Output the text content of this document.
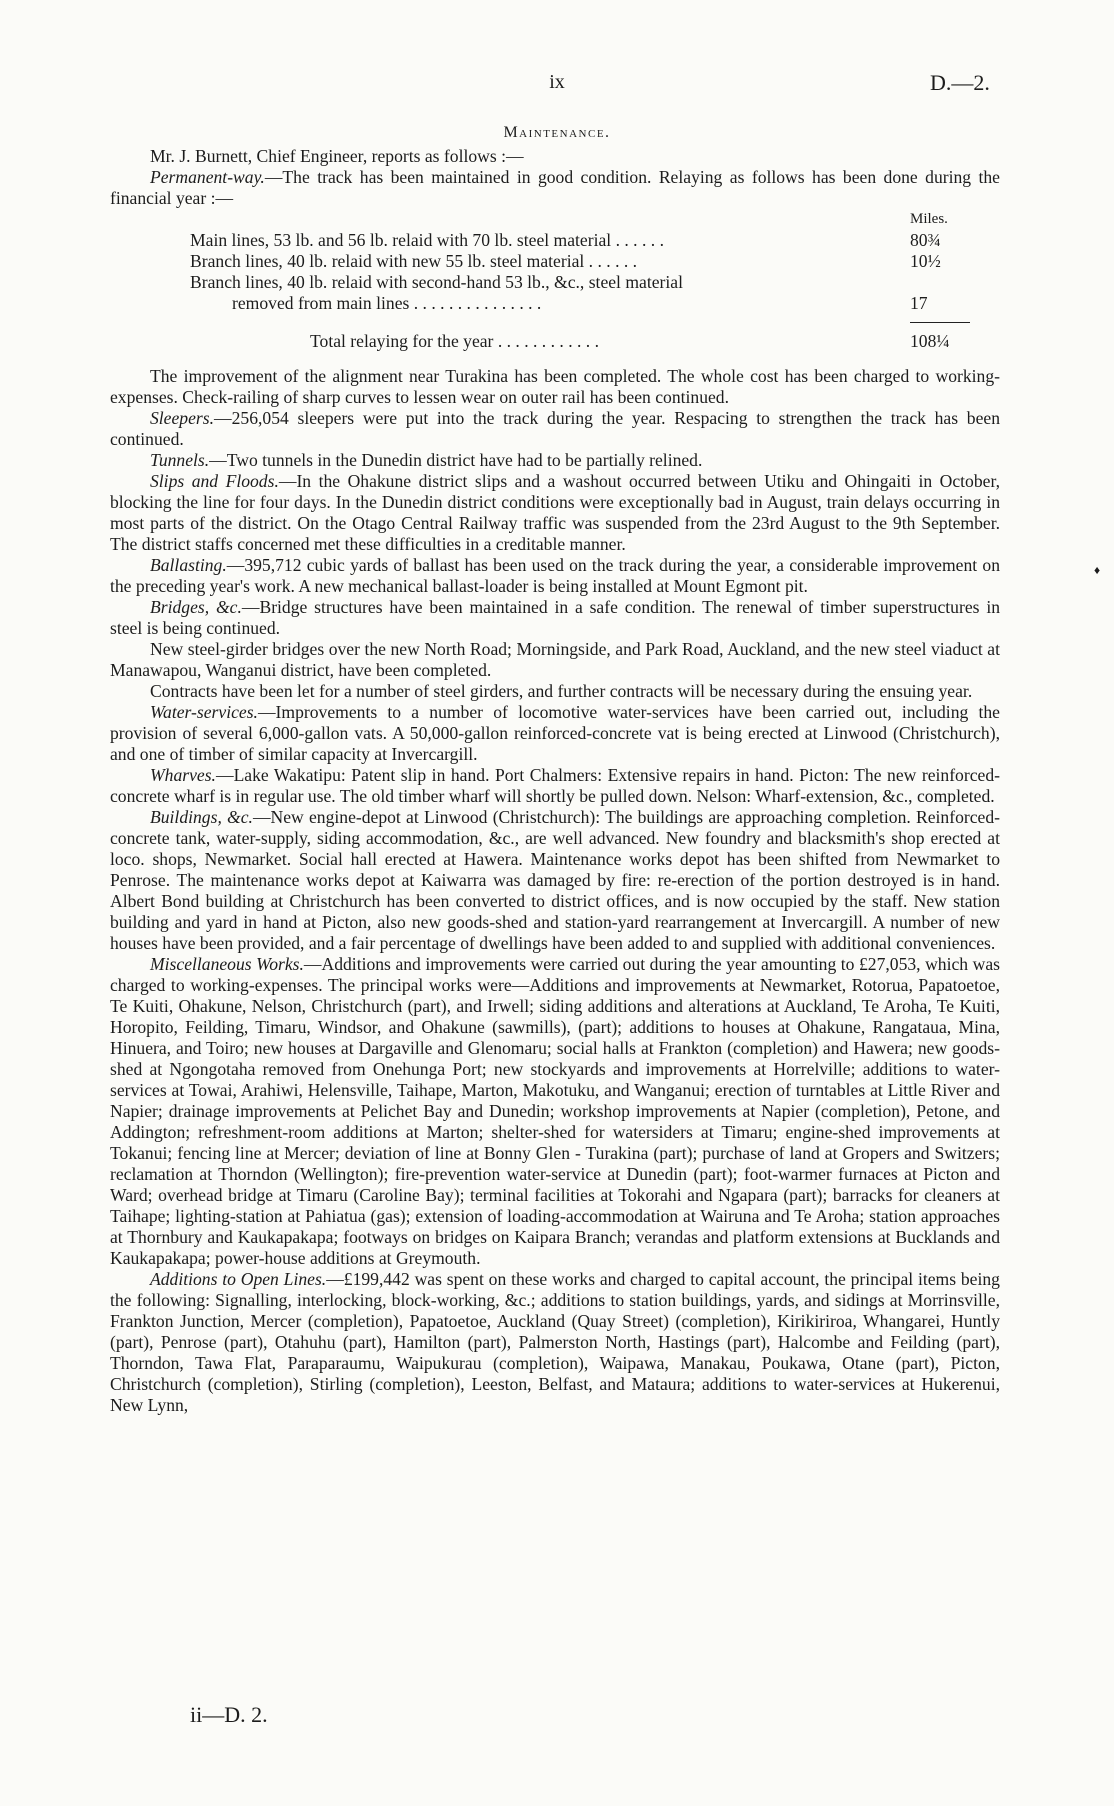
ix	D.—2.
Maintenance.

Mr. J. Burnett, Chief Engineer, reports as follows :—

Permanent-way.—The track has been maintained in good condition. Relaying as follows has been done during the financial year :—

Miles.
Main lines, 53 lb. and 56 lb. relaid with 70 lb. steel material . . . . . .	80¾
Branch lines, 40 lb. relaid with new 55 lb. steel material . . . . . .	10½
Branch lines, 40 lb. relaid with second-hand 53 lb., &c., steel material
removed from main lines . . . . . . . . . . . . . . .	17
Total relaying for the year . . . . . . . . . . . .	108¼

The improvement of the alignment near Turakina has been completed. The whole cost has been charged to working-expenses. Check-railing of sharp curves to lessen wear on outer rail has been continued.

Sleepers.—256,054 sleepers were put into the track during the year. Respacing to strengthen the track has been continued.

Tunnels.—Two tunnels in the Dunedin district have had to be partially relined.

Slips and Floods.—In the Ohakune district slips and a washout occurred between Utiku and Ohingaiti in October, blocking the line for four days. In the Dunedin district conditions were exceptionally bad in August, train delays occurring in most parts of the district. On the Otago Central Railway traffic was suspended from the 23rd August to the 9th September. The district staffs concerned met these difficulties in a creditable manner.

Ballasting.—395,712 cubic yards of ballast has been used on the track during the year, a considerable improvement on the preceding year's work. A new mechanical ballast-loader is being installed at Mount Egmont pit.

Bridges, &c.—Bridge structures have been maintained in a safe condition. The renewal of timber superstructures in steel is being continued.

New steel-girder bridges over the new North Road; Morningside, and Park Road, Auckland, and the new steel viaduct at Manawapou, Wanganui district, have been completed.

Contracts have been let for a number of steel girders, and further contracts will be necessary during the ensuing year.

Water-services.—Improvements to a number of locomotive water-services have been carried out, including the provision of several 6,000-gallon vats. A 50,000-gallon reinforced-concrete vat is being erected at Linwood (Christchurch), and one of timber of similar capacity at Invercargill.

Wharves.—Lake Wakatipu: Patent slip in hand. Port Chalmers: Extensive repairs in hand. Picton: The new reinforced-concrete wharf is in regular use. The old timber wharf will shortly be pulled down. Nelson: Wharf-extension, &c., completed.

Buildings, &c.—New engine-depot at Linwood (Christchurch): The buildings are approaching completion. Reinforced-concrete tank, water-supply, siding accommodation, &c., are well advanced. New foundry and blacksmith's shop erected at loco. shops, Newmarket. Social hall erected at Hawera. Maintenance works depot has been shifted from Newmarket to Penrose. The maintenance works depot at Kaiwarra was damaged by fire: re-erection of the portion destroyed is in hand. Albert Bond building at Christchurch has been converted to district offices, and is now occupied by the staff. New station building and yard in hand at Picton, also new goods-shed and station-yard rearrangement at Invercargill. A number of new houses have been provided, and a fair percentage of dwellings have been added to and supplied with additional conveniences.

Miscellaneous Works.—Additions and improvements were carried out during the year amounting to £27,053, which was charged to working-expenses. The principal works were—Additions and improvements at Newmarket, Rotorua, Papatoetoe, Te Kuiti, Ohakune, Nelson, Christchurch (part), and Irwell; siding additions and alterations at Auckland, Te Aroha, Te Kuiti, Horopito, Feilding, Timaru, Windsor, and Ohakune (sawmills), (part); additions to houses at Ohakune, Rangataua, Mina, Hinuera, and Toiro; new houses at Dargaville and Glenomaru; social halls at Frankton (completion) and Hawera; new goods-shed at Ngongotaha removed from Onehunga Port; new stockyards and improvements at Horrelville; additions to water-services at Towai, Arahiwi, Helensville, Taihape, Marton, Makotuku, and Wanganui; erection of turntables at Little River and Napier; drainage improvements at Pelichet Bay and Dunedin; workshop improvements at Napier (completion), Petone, and Addington; refreshment-room additions at Marton; shelter-shed for watersiders at Timaru; engine-shed improvements at Tokanui; fencing line at Mercer; deviation of line at Bonny Glen - Turakina (part); purchase of land at Gropers and Switzers; reclamation at Thorndon (Wellington); fire-prevention water-service at Dunedin (part); foot-warmer furnaces at Picton and Ward; overhead bridge at Timaru (Caroline Bay); terminal facilities at Tokorahi and Ngapara (part); barracks for cleaners at Taihape; lighting-station at Pahiatua (gas); extension of loading-accommodation at Wairuna and Te Aroha; station approaches at Thornbury and Kaukapakapa; footways on bridges on Kaipara Branch; verandas and platform extensions at Bucklands and Kaukapakapa; power-house additions at Greymouth.

Additions to Open Lines.—£199,442 was spent on these works and charged to capital account, the principal items being the following: Signalling, interlocking, block-working, &c.; additions to station buildings, yards, and sidings at Morrinsville, Frankton Junction, Mercer (completion), Papatoetoe, Auckland (Quay Street) (completion), Kirikiriroa, Whangarei, Huntly (part), Penrose (part), Otahuhu (part), Hamilton (part), Palmerston North, Hastings (part), Halcombe and Feilding (part), Thorndon, Tawa Flat, Paraparaumu, Waipukurau (completion), Waipawa, Manakau, Poukawa, Otane (part), Picton, Christchurch (completion), Stirling (completion), Leeston, Belfast, and Mataura; additions to water-services at Hukerenui, New Lynn,

♦
ii—D. 2.
